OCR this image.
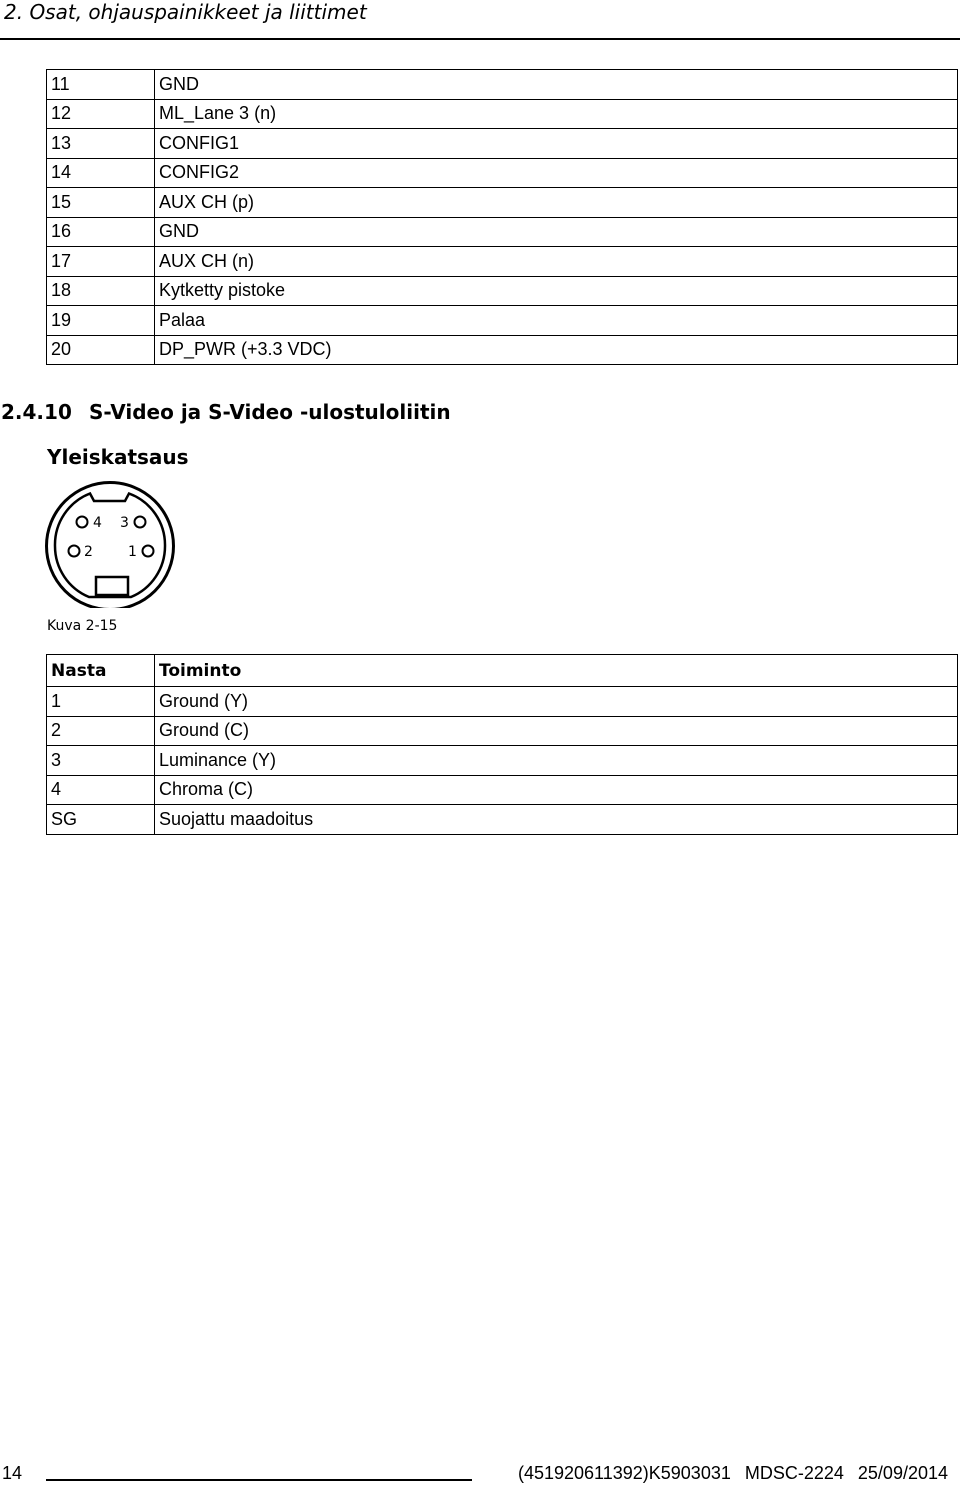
2. Osat, ohjauspainikkeet ja liittimet
11	GND
12	ML_Lane 3 (n)
13	CONFIG1
14	CONFIG2
15	AUX CH (p)
16	GND
17	AUX CH (n)
18	Kytketty pistoke
19	Palaa
20	DP_PWR (+3.3 VDC)
2.4.10 S-Video ja S-Video -ulostuloliitin
Yleiskatsaus
4 3
2	1
Kuva 2-15
Nasta	Toiminto
1	Ground (Y)
2	Ground (C)
3	Luminance (Y)
4	Chroma (C)
SG	Suojattu maadoitus
14	(451920611392)K5903031 MDSC-2224 25/09/2014
